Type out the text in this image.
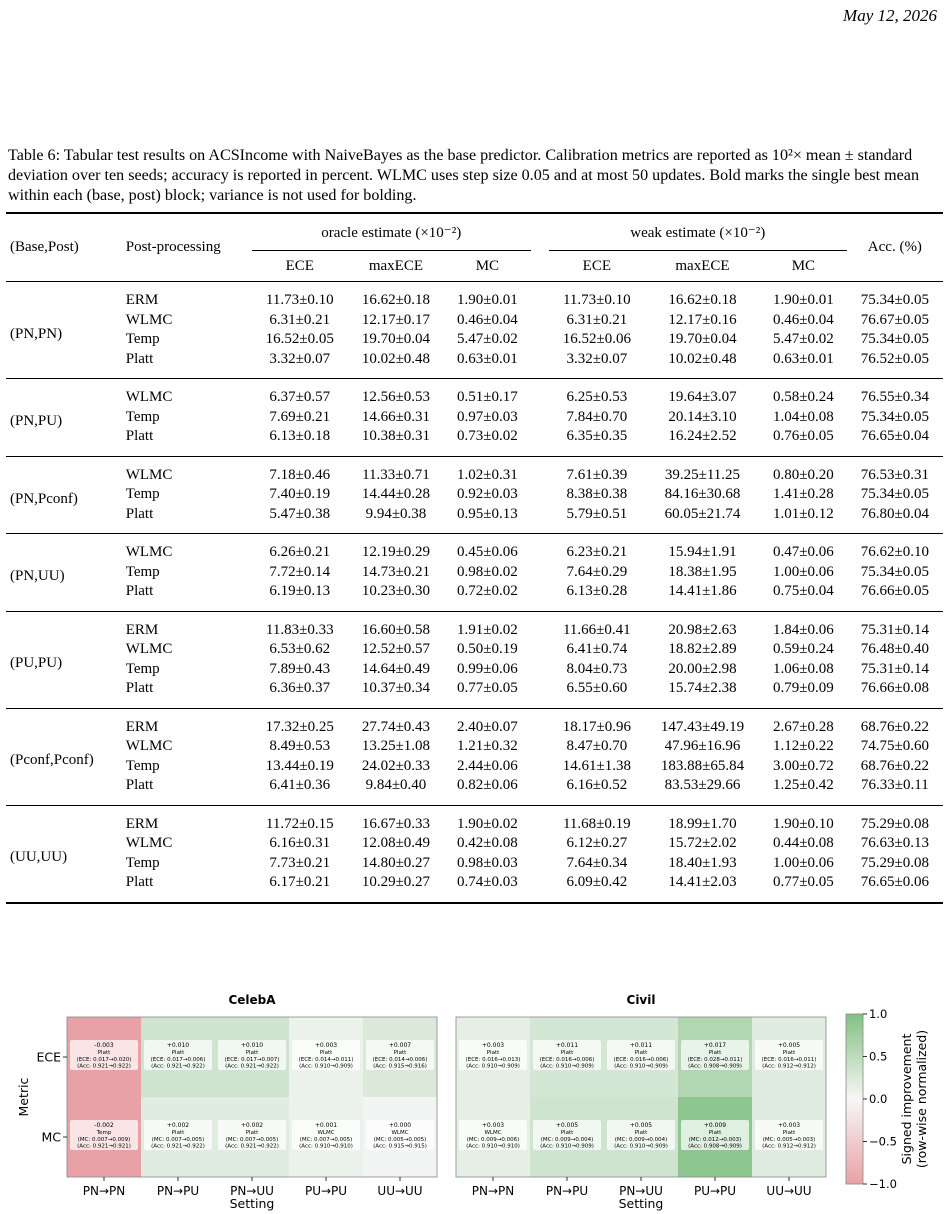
May 12, 2026
Table 6: Tabular test results on ACSIncome with NaiveBayes as the base predictor. Calibration metrics are reported as 10²× mean ± standard deviation over ten seeds; accuracy is reported in percent. WLMC uses step size 0.05 and at most 50 updates. Bold marks the single best mean within each (base, post) block; variance is not used for bolding.
(Base,Post)	Post-processing	oracle estimate (×10⁻²)				weak estimate (×10⁻²)			Acc. (%)
		ECE	maxECE	MC		ECE	maxECE	MC	
(PN,PN)	ERM	11.73±0.10	16.62±0.18	1.90±0.01		11.73±0.10	16.62±0.18	1.90±0.01	75.34±0.05
	WLMC	6.31±0.21	12.17±0.17	0.46±0.04		6.31±0.21	12.17±0.16	0.46±0.04	76.67±0.05
	Temp	16.52±0.05	19.70±0.04	5.47±0.02		16.52±0.06	19.70±0.04	5.47±0.02	75.34±0.05
	Platt	3.32±0.07	10.02±0.48	0.63±0.01		3.32±0.07	10.02±0.48	0.63±0.01	76.52±0.05
(PN,PU)	WLMC	6.37±0.57	12.56±0.53	0.51±0.17		6.25±0.53	19.64±3.07	0.58±0.24	76.55±0.34
	Temp	7.69±0.21	14.66±0.31	0.97±0.03		7.84±0.70	20.14±3.10	1.04±0.08	75.34±0.05
	Platt	6.13±0.18	10.38±0.31	0.73±0.02		6.35±0.35	16.24±2.52	0.76±0.05	76.65±0.04
(PN,Pconf)	WLMC	7.18±0.46	11.33±0.71	1.02±0.31		7.61±0.39	39.25±11.25	0.80±0.20	76.53±0.31
	Temp	7.40±0.19	14.44±0.28	0.92±0.03		8.38±0.38	84.16±30.68	1.41±0.28	75.34±0.05
	Platt	5.47±0.38	9.94±0.38	0.95±0.13		5.79±0.51	60.05±21.74	1.01±0.12	76.80±0.04
(PN,UU)	WLMC	6.26±0.21	12.19±0.29	0.45±0.06		6.23±0.21	15.94±1.91	0.47±0.06	76.62±0.10
	Temp	7.72±0.14	14.73±0.21	0.98±0.02		7.64±0.29	18.38±1.95	1.00±0.06	75.34±0.05
	Platt	6.19±0.13	10.23±0.30	0.72±0.02		6.13±0.28	14.41±1.86	0.75±0.04	76.66±0.05
(PU,PU)	ERM	11.83±0.33	16.60±0.58	1.91±0.02		11.66±0.41	20.98±2.63	1.84±0.06	75.31±0.14
	WLMC	6.53±0.62	12.52±0.57	0.50±0.19		6.41±0.74	18.82±2.89	0.59±0.24	76.48±0.40
	Temp	7.89±0.43	14.64±0.49	0.99±0.06		8.04±0.73	20.00±2.98	1.06±0.08	75.31±0.14
	Platt	6.36±0.37	10.37±0.34	0.77±0.05		6.55±0.60	15.74±2.38	0.79±0.09	76.66±0.08
(Pconf,Pconf)	ERM	17.32±0.25	27.74±0.43	2.40±0.07		18.17±0.96	147.43±49.19	2.67±0.28	68.76±0.22
	WLMC	8.49±0.53	13.25±1.08	1.21±0.32		8.47±0.70	47.96±16.96	1.12±0.22	74.75±0.60
	Temp	13.44±0.19	24.02±0.33	2.44±0.06		14.61±1.38	183.88±65.84	3.00±0.72	68.76±0.22
	Platt	6.41±0.36	9.84±0.40	0.82±0.06		6.16±0.52	83.53±29.66	1.25±0.42	76.33±0.11
(UU,UU)	ERM	11.72±0.15	16.67±0.33	1.90±0.02		11.68±0.19	18.99±1.70	1.90±0.10	75.29±0.08
	WLMC	6.16±0.31	12.08±0.49	0.42±0.08		6.12±0.27	15.72±2.02	0.44±0.08	76.63±0.13
	Temp	7.73±0.21	14.80±0.27	0.98±0.03		7.64±0.34	18.40±1.93	1.00±0.06	75.29±0.08
	Platt	6.17±0.21	10.29±0.27	0.74±0.03		6.09±0.42	14.41±2.03	0.77±0.05	76.65±0.06
CelebA
-0.003
Platt
(ECE: 0.017→0.020)
(Acc: 0.921→0.922)
+0.010
Platt
(ECE: 0.017→0.006)
(Acc: 0.921→0.922)
+0.010
Platt
(ECE: 0.017→0.007)
(Acc: 0.921→0.922)
+0.003
Platt
(ECE: 0.014→0.011)
(Acc: 0.910→0.909)
+0.007
Platt
(ECE: 0.014→0.006)
(Acc: 0.915→0.916)
-0.002
Temp
(MC: 0.007→0.009)
(Acc: 0.921→0.921)
+0.002
Platt
(MC: 0.007→0.005)
(Acc: 0.921→0.922)
+0.002
Platt
(MC: 0.007→0.005)
(Acc: 0.921→0.922)
+0.001
WLMC
(MC: 0.007→0.005)
(Acc: 0.910→0.910)
+0.000
WLMC
(MC: 0.005→0.005)
(Acc: 0.915→0.915)
PN→PN	PN→PU	PN→UU	PU→PU	UU→UU
Setting
Civil
+0.003
Platt
(ECE: 0.016→0.013)
(Acc: 0.910→0.909)
+0.011
Platt
(ECE: 0.016→0.006)
(Acc: 0.910→0.909)
+0.011
Platt
(ECE: 0.016→0.006)
(Acc: 0.910→0.909)
+0.017
Platt
(ECE: 0.028→0.011)
(Acc: 0.908→0.909)
+0.005
Platt
(ECE: 0.016→0.011)
(Acc: 0.912→0.912)
+0.003
WLMC
(MC: 0.009→0.006)
(Acc: 0.910→0.910)
+0.005
Platt
(MC: 0.009→0.004)
(Acc: 0.910→0.909)
+0.005
Platt
(MC: 0.009→0.004)
(Acc: 0.910→0.909)
+0.009
Platt
(MC: 0.012→0.003)
(Acc: 0.908→0.909)
+0.003
Platt
(MC: 0.005→0.003)
(Acc: 0.912→0.912)
PN→PN	PN→PU	PN→UU	PU→PU	UU→UU
Setting
ECE
MC
Metric
1.0
0.5
0.0
−0.5
−1.0
Signed improvement (row-wise normalized)
